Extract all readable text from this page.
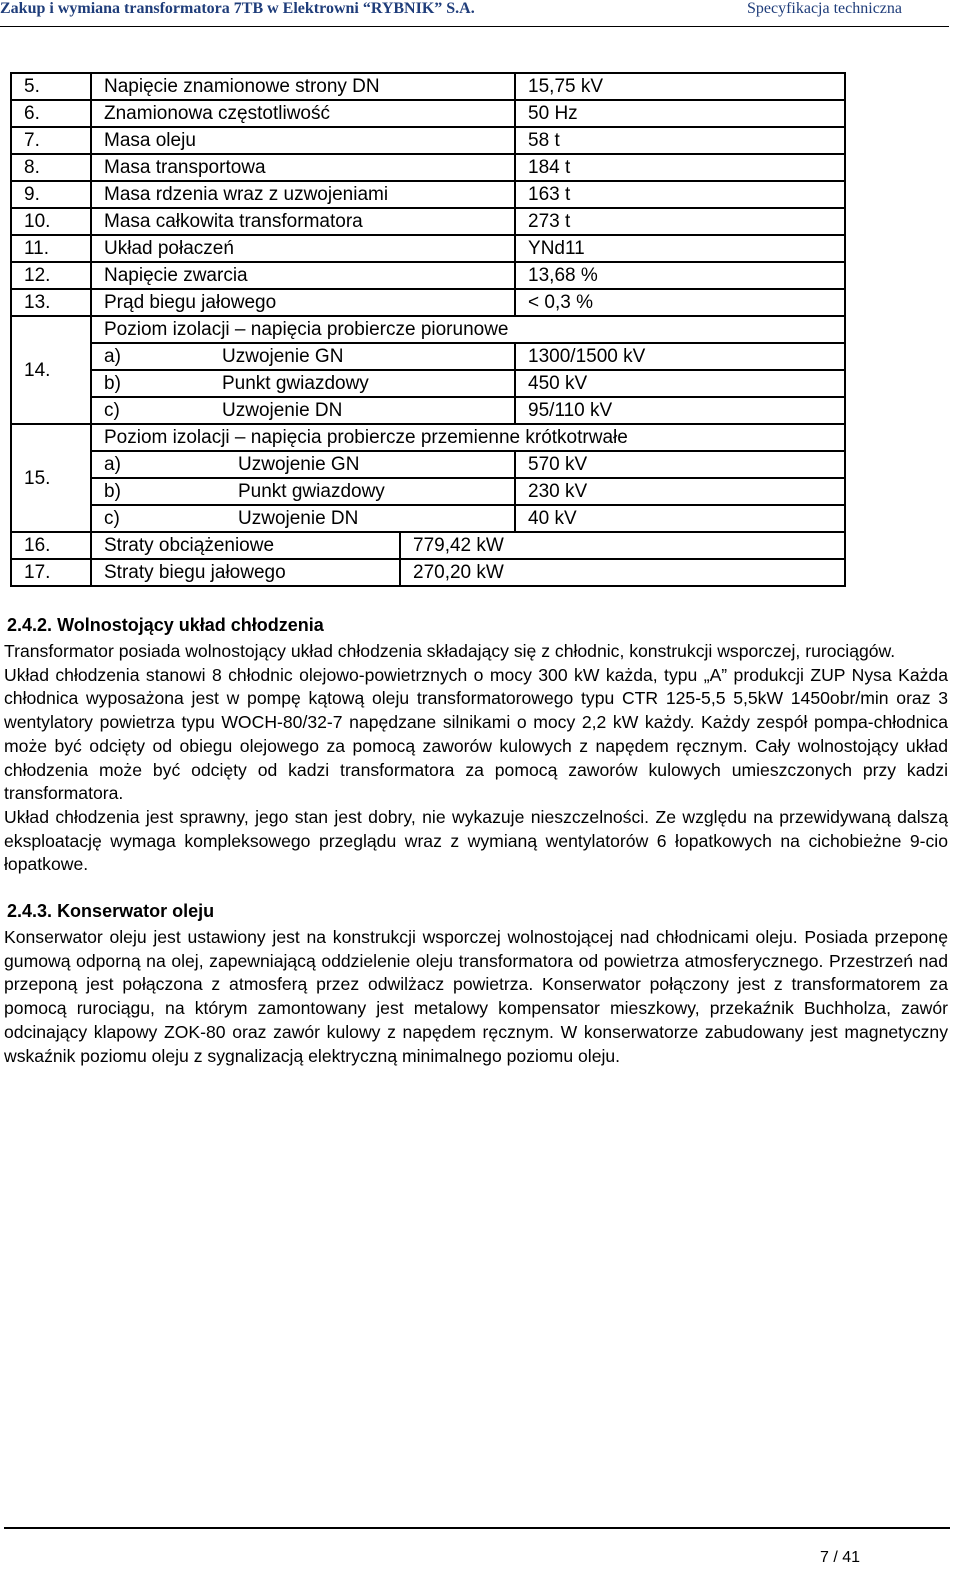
Zakup i wymiana transformatora 7TB w Elektrowni “RYBNIK” S.A.	Specyfikacja techniczna
5.	Napięcie znamionowe strony DN		15,75 kV
6.	Znamionowa częstotliwość		50 Hz
7.	Masa oleju		58 t
8.	Masa transportowa		184 t
9.	Masa rdzenia wraz z uzwojeniami		163 t
10.	Masa całkowita transformatora		273 t
11.	Układ połaczeń		YNd11
12.	Napięcie zwarcia		13,68 %
13.	Prąd biegu jałowego		< 0,3 %
14.	Poziom izolacji – napięcia probiercze piorunowe		
	a) Uzwojenie GN		1300/1500 kV
	b) Punkt gwiazdowy		450 kV
	c) Uzwojenie DN		95/110 kV
15.	Poziom izolacji – napięcia probiercze przemienne krótkotrwałe		
	a) Uzwojenie GN		570 kV
	b) Punkt gwiazdowy		230 kV
	c) Uzwojenie DN		40 kV
16.	Straty obciążeniowe	779,42 kW	
17.	Straty biegu jałowego	270,20 kW	
2.4.2. Wolnostojący układ chłodzenia

Transformator posiada wolnostojący układ chłodzenia składający się z chłodnic, konstrukcji wsporczej, rurociągów.

Układ chłodzenia stanowi 8 chłodnic olejowo-powietrznych o mocy 300 kW każda, typu „A” produkcji ZUP Nysa Każda chłodnica wyposażona jest w pompę kątową oleju transformatorowego typu CTR 125-5,5 5,5kW 1450obr/min oraz 3 wentylatory powietrza typu WOCH-80/32-7 napędzane silnikami o mocy 2,2 kW każdy. Każdy zespół pompa-chłodnica może być odcięty od obiegu olejowego za pomocą zaworów kulowych z napędem ręcznym. Cały wolnostojący układ chłodzenia może być odcięty od kadzi transformatora za pomocą zaworów kulowych umieszczonych przy kadzi transformatora.

Układ chłodzenia jest sprawny, jego stan jest dobry, nie wykazuje nieszczelności. Ze względu na przewidywaną dalszą eksploatację wymaga kompleksowego przeglądu wraz z wymianą wentylatorów 6 łopatkowych na cichobieżne 9-cio łopatkowe.

2.4.3. Konserwator oleju

Konserwator oleju jest ustawiony jest na konstrukcji wsporczej wolnostojącej nad chłodnicami oleju. Posiada przeponę gumową odporną na olej, zapewniającą oddzielenie oleju transformatora od powietrza atmosferycznego. Przestrzeń nad przeponą jest połączona z atmosferą przez odwilżacz powietrza. Konserwator połączony jest z transformatorem za pomocą rurociągu, na którym zamontowany jest metalowy kompensator mieszkowy, przekaźnik Buchholza, zawór odcinający klapowy ZOK-80 oraz zawór kulowy z napędem ręcznym. W konserwatorze zabudowany jest magnetyczny wskaźnik poziomu oleju z sygnalizacją elektryczną minimalnego poziomu oleju.

7 / 41
